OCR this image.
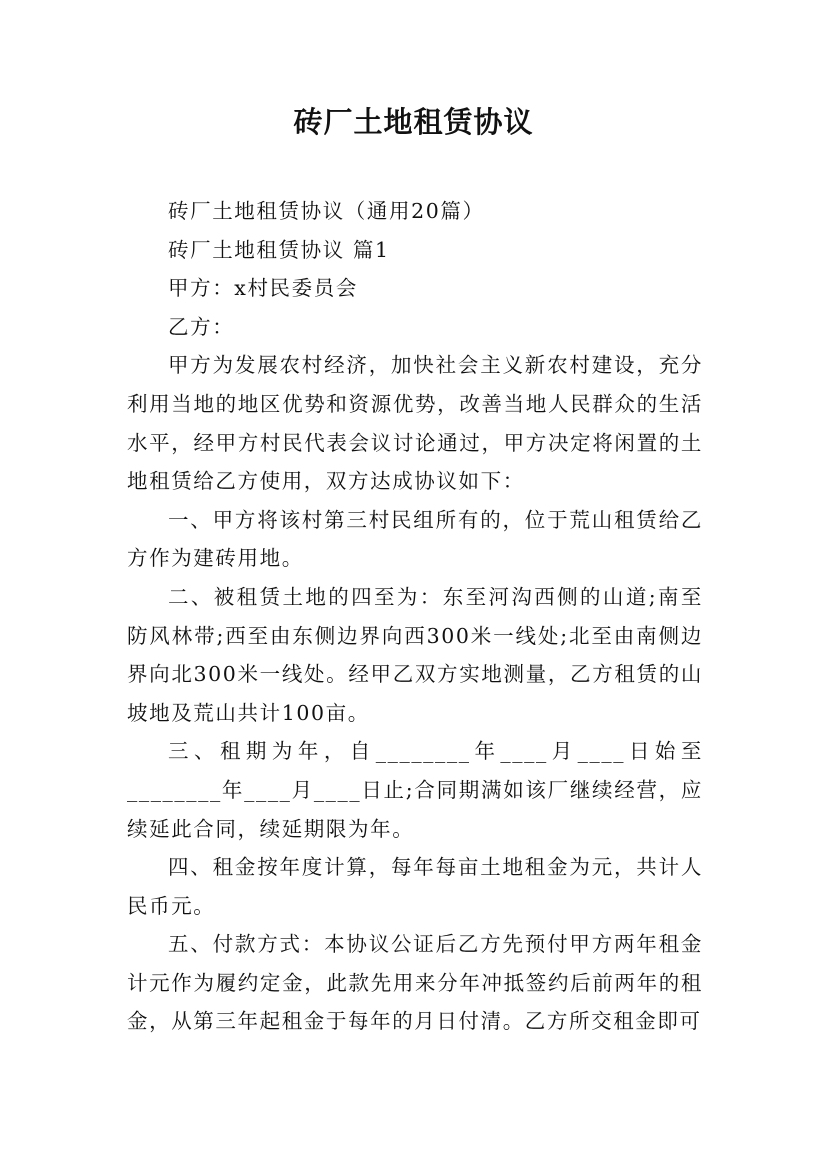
砖厂土地租赁协议

砖厂土地租赁协议（通用20篇）

砖厂土地租赁协议 篇1

甲方：x村民委员会

乙方：

甲方为发展农村经济，加快社会主义新农村建设，充分利用当地的地区优势和资源优势，改善当地人民群众的生活水平，经甲方村民代表会议讨论通过，甲方决定将闲置的土地租赁给乙方使用，双方达成协议如下：

一、甲方将该村第三村民组所有的，位于荒山租赁给乙方作为建砖用地。

二、被租赁土地的四至为：东至河沟西侧的山道;南至防风林带;西至由东侧边界向西300米一线处;北至由南侧边界向北300米一线处。经甲乙双方实地测量，乙方租赁的山坡地及荒山共计100亩。

三、租期为年，自________年____月____日始至________年____月____日止;合同期满如该厂继续经营，应续延此合同，续延期限为年。

四、租金按年度计算，每年每亩土地租金为元，共计人民币元。

五、付款方式：本协议公证后乙方先预付甲方两年租金计元作为履约定金，此款先用来分年冲抵签约后前两年的租金，从第三年起租金于每年的月日付清。乙方所交租金即可
